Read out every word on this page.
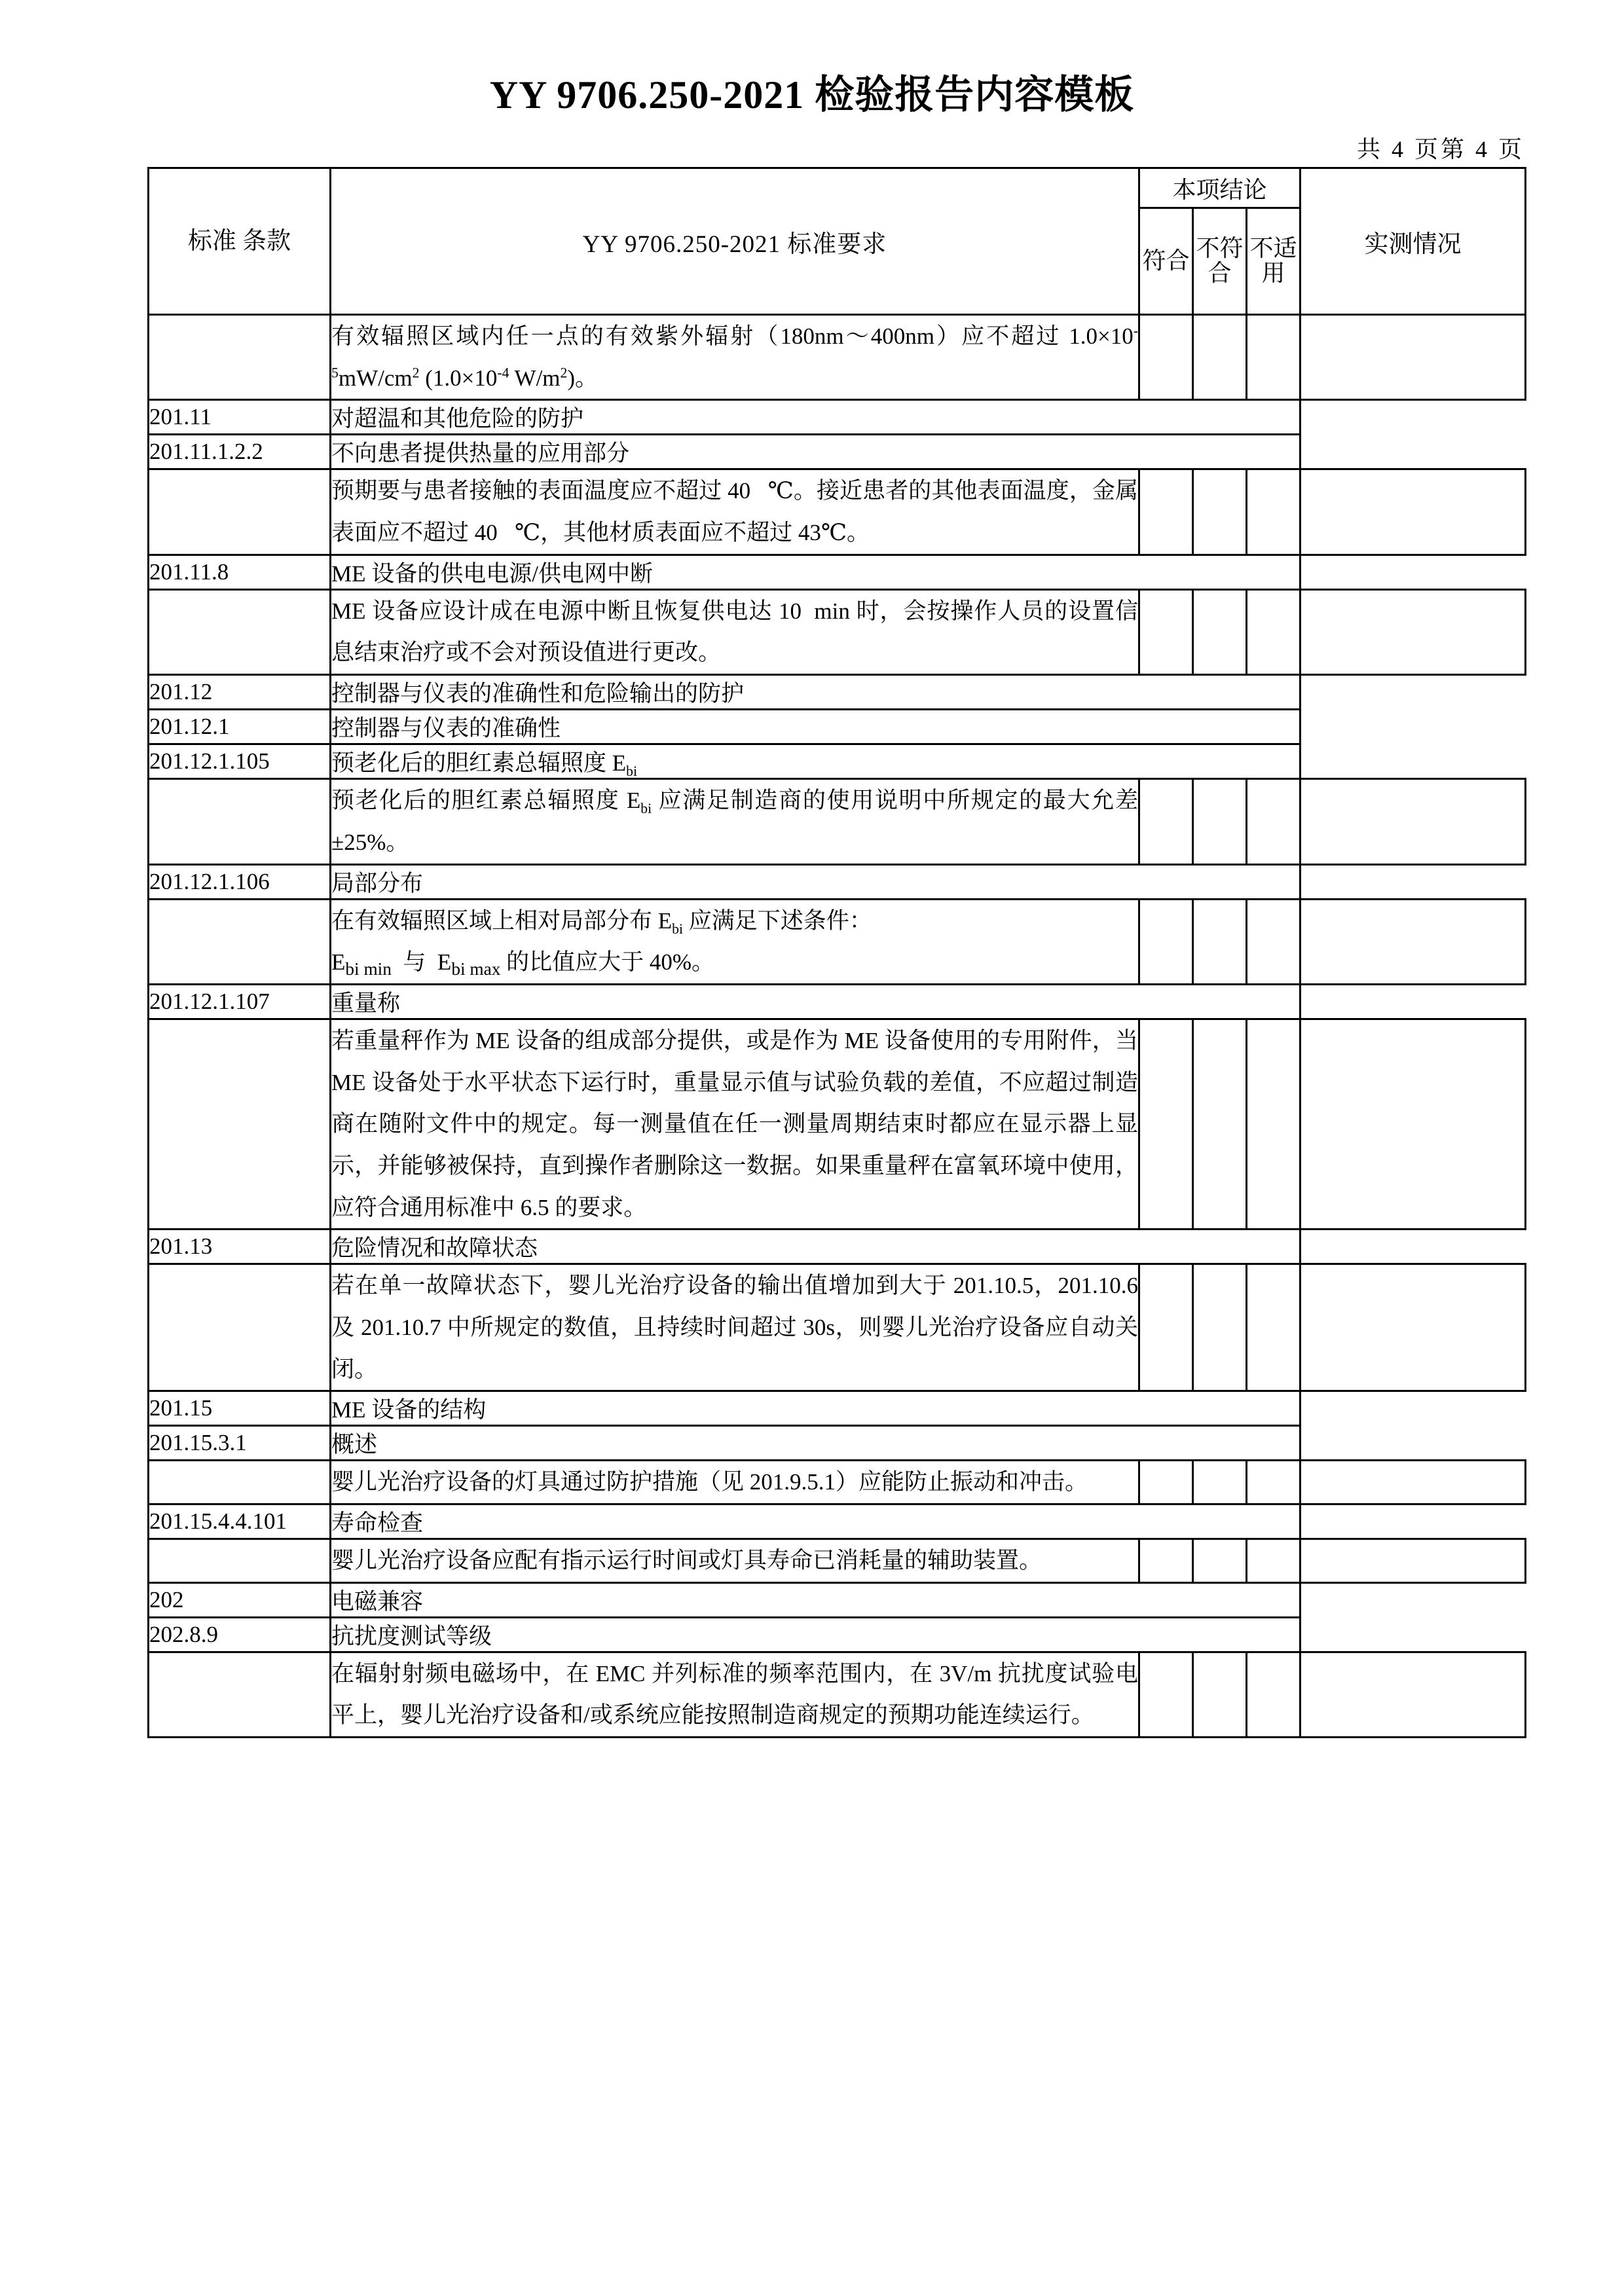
YY 9706.250-2021 检验报告内容模板
共 4 页第 4 页
标准 条款	YY 9706.250-2021 标准要求	本项结论			实测情况

		符合	不符合	不适用	

	有效辐照区域内任一点的有效紫外辐射（180nm～400nm）应不超过 $1.0\times 10^{-5}mW/cm^2$ ($1.0\times 10^{-4}$ $W/m^2$)。				
201.11	对超温和其他危险的防护				
201.11.1.2.2	不向患者提供热量的应用部分				
	预期要与患者接触的表面温度应不超过 40   ℃。接近患者的其他表面温度，金属表面应不超过 40   ℃，其他材质表面应不超过 43℃。				
201.11.8	ME 设备的供电电源/供电网中断				
	ME 设备应设计成在电源中断且恢复供电达 10  min 时，会按操作人员的设置信息结束治疗或不会对预设值进行更改。				
201.12	控制器与仪表的准确性和危险输出的防护				
201.12.1	控制器与仪表的准确性				
201.12.1.105	预老化后的胆红素总辐照度 $E_{bi}$
	预老化后的胆红素总辐照度 $E_{bi}$ 应满足制造商的使用说明中所规定的最大允差±25%。				
201.12.1.106	局部分布				
	在有效辐照区域上相对局部分布 $E_{bi}$ 应满足下述条件：
$E_{bi min}$  与  $E_{bi max}$ 的比值应大于 40%。				
201.12.1.107	重量称				
	若重量秤作为 ME 设备的组成部分提供，或是作为 ME 设备使用的专用附件，当 ME 设备处于水平状态下运行时，重量显示值与试验负载的差值，不应超过制造商在随附文件中的规定。每一测量值在任一测量周期结束时都应在显示器上显示，并能够被保持，直到操作者删除这一数据。如果重量秤在富氧环境中使用，应符合通用标准中 6.5 的要求。				
201.13	危险情况和故障状态				
	若在单一故障状态下，婴儿光治疗设备的输出值增加到大于 201.10.5，201.10.6 及 201.10.7 中所规定的数值，且持续时间超过 30s，则婴儿光治疗设备应自动关闭。				
201.15	ME 设备的结构				
201.15.3.1	概述				
	婴儿光治疗设备的灯具通过防护措施（见 201.9.5.1）应能防止振动和冲击。				
201.15.4.4.101	寿命检查				
	婴儿光治疗设备应配有指示运行时间或灯具寿命已消耗量的辅助装置。				
202	电磁兼容				
202.8.9	抗扰度测试等级				
	在辐射射频电磁场中，在 EMC 并列标准的频率范围内，在 3V/m 抗扰度试验电平上，婴儿光治疗设备和/或系统应能按照制造商规定的预期功能连续运行。				
